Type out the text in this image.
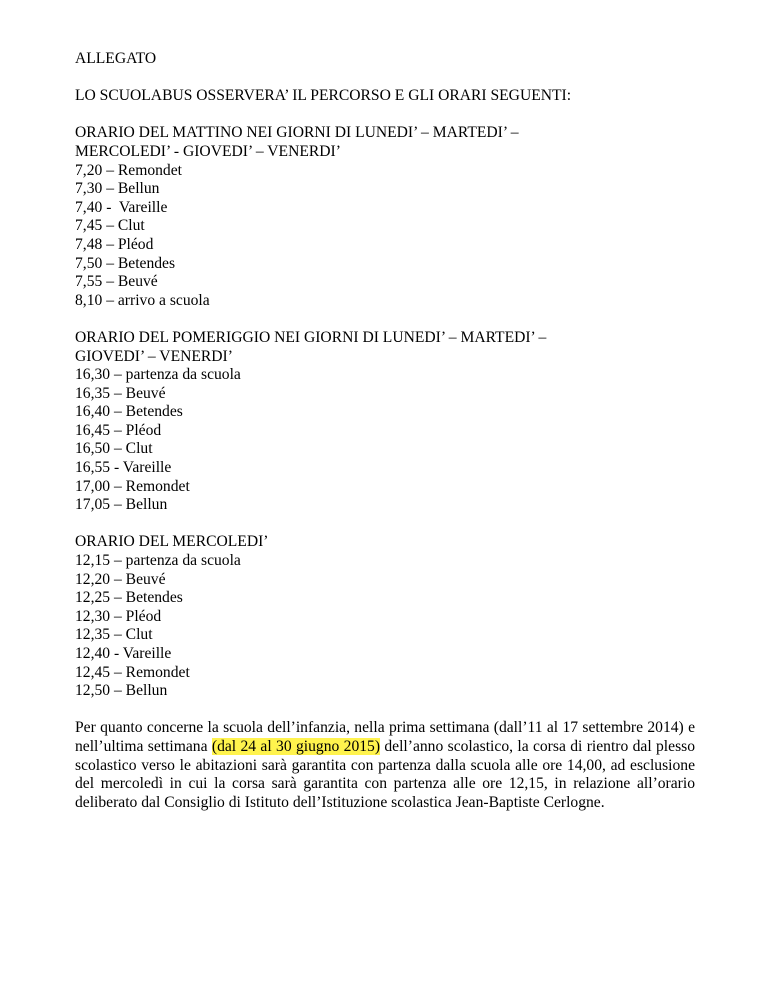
ALLEGATO
LO SCUOLABUS OSSERVERA’ IL PERCORSO E GLI ORARI SEGUENTI:
ORARIO DEL MATTINO NEI GIORNI DI LUNEDI’ – MARTEDI’ –
MERCOLEDI’ - GIOVEDI’ – VENERDI’
7,20 – Remondet
7,30 – Bellun
7,40 -  Vareille
7,45 – Clut
7,48 – Pléod
7,50 – Betendes
7,55 – Beuvé
8,10 – arrivo a scuola
ORARIO DEL POMERIGGIO NEI GIORNI DI LUNEDI’ – MARTEDI’ –
GIOVEDI’ – VENERDI’
16,30 – partenza da scuola
16,35 – Beuvé
16,40 – Betendes
16,45 – Pléod
16,50 – Clut
16,55 - Vareille
17,00 – Remondet
17,05 – Bellun
ORARIO DEL MERCOLEDI’
12,15 – partenza da scuola
12,20 – Beuvé
12,25 – Betendes
12,30 – Pléod
12,35 – Clut
12,40 - Vareille
12,45 – Remondet
12,50 – Bellun

Per quanto concerne la scuola dell’infanzia, nella prima settimana (dall’11 al 17 settembre 2014) e nell’ultima settimana (dal 24 al 30 giugno 2015) dell’anno scolastico, la corsa di rientro dal plesso scolastico verso le abitazioni sarà garantita con partenza dalla scuola alle ore 14,00, ad esclusione del mercoledì in cui la corsa sarà garantita con partenza alle ore 12,15, in relazione all’orario deliberato dal Consiglio di Istituto dell’Istituzione scolastica Jean-Baptiste Cerlogne.
